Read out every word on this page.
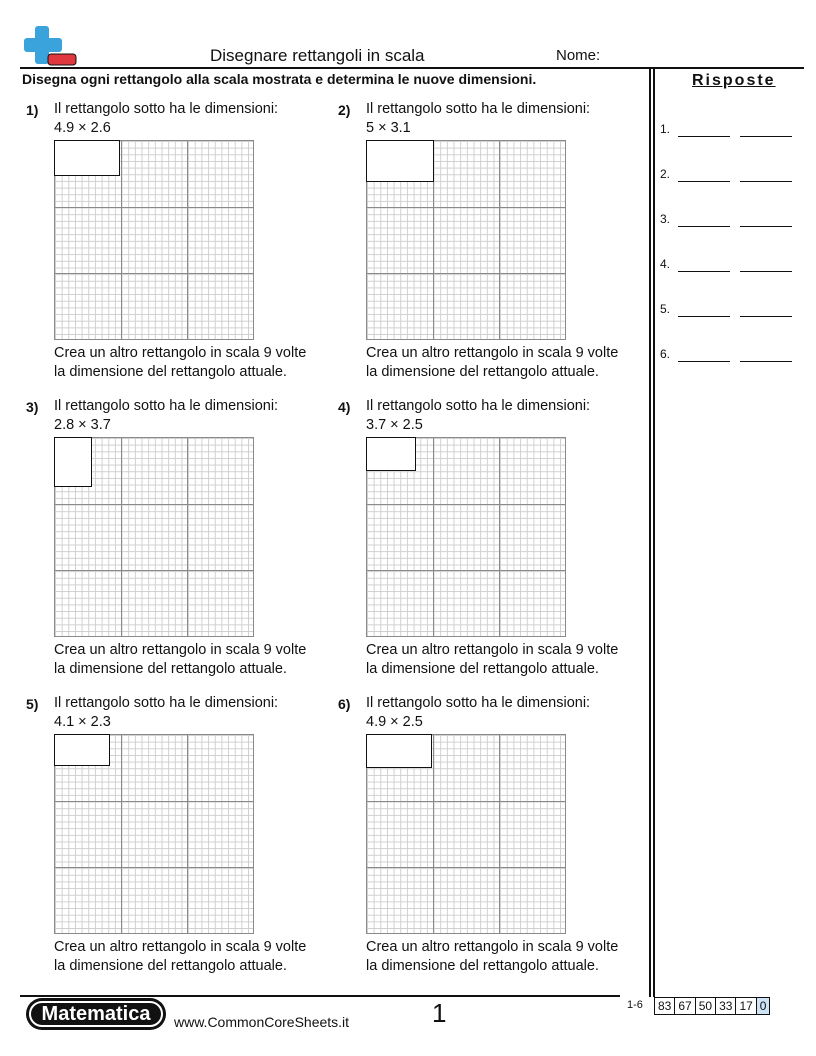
Disegnare rettangoli in scala	Nome:
Disegna ogni rettangolo alla scala mostrata e determina le nuove dimensioni.	Risposte
1.
2.
3.
4.
5.
6.
1) Il rettangolo sotto ha le dimensioni:
4.9 × 2.6
Crea un altro rettangolo in scala 9 volte
la dimensione del rettangolo attuale.
2) Il rettangolo sotto ha le dimensioni:
5 × 3.1
Crea un altro rettangolo in scala 9 volte
la dimensione del rettangolo attuale.
3) Il rettangolo sotto ha le dimensioni:
2.8 × 3.7
Crea un altro rettangolo in scala 9 volte
la dimensione del rettangolo attuale.
4) Il rettangolo sotto ha le dimensioni:
3.7 × 2.5
Crea un altro rettangolo in scala 9 volte
la dimensione del rettangolo attuale.
5) Il rettangolo sotto ha le dimensioni:
4.1 × 2.3
Crea un altro rettangolo in scala 9 volte
la dimensione del rettangolo attuale.
6) Il rettangolo sotto ha le dimensioni:
4.9 × 2.5
Crea un altro rettangolo in scala 9 volte
la dimensione del rettangolo attuale.
Matematica	www.CommonCoreSheets.it	1	1-6	83 67 50 33 17 0
